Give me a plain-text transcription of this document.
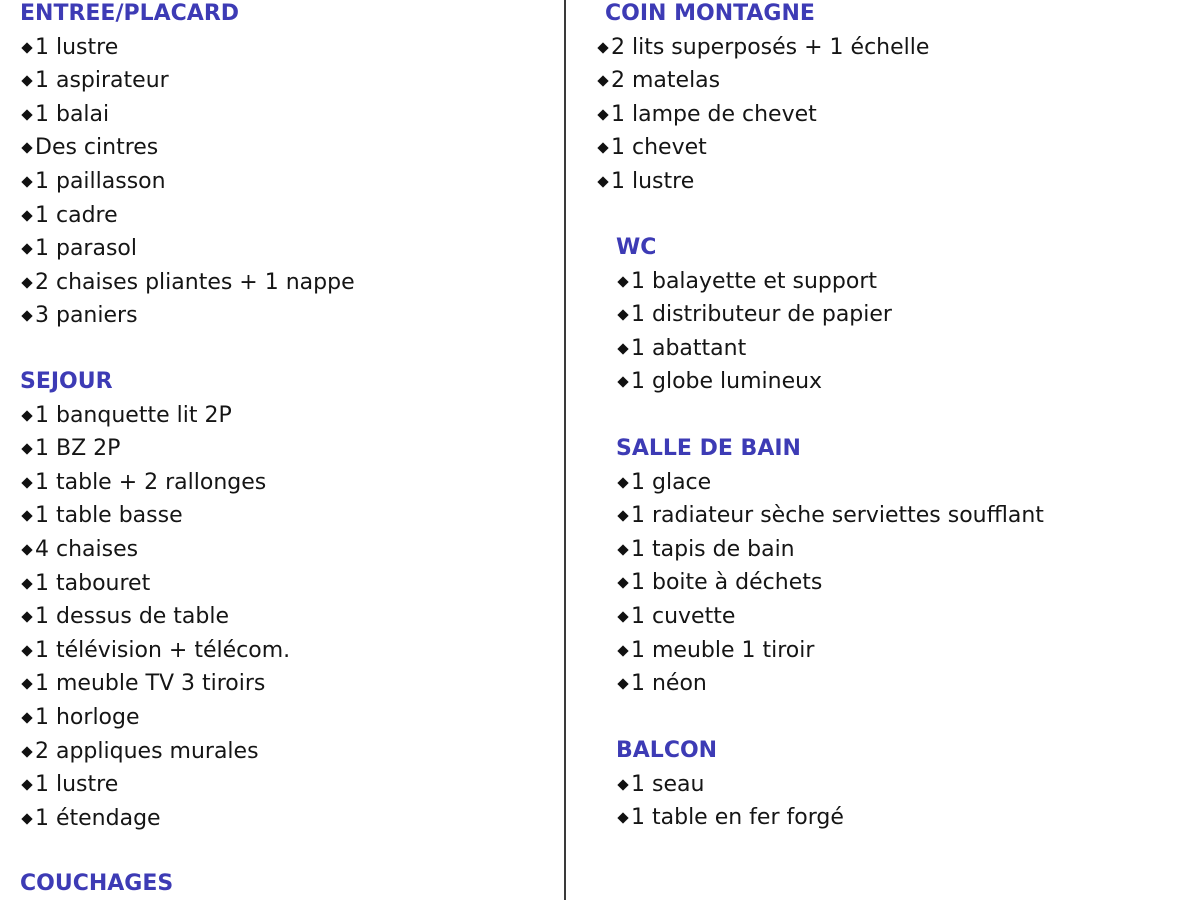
ENTREE/PLACARD
1 lustre
1 aspirateur
1 balai
Des cintres
1 paillasson
1 cadre
1 parasol
2 chaises pliantes + 1 nappe
3 paniers
SEJOUR
1 banquette lit 2P
1 BZ 2P
1 table + 2 rallonges
1 table basse
4 chaises
1 tabouret
1 dessus de table
1 télévision + télécom.
1 meuble TV 3 tiroirs
1 horloge
2 appliques murales
1 lustre
1 étendage
COUCHAGES
COIN MONTAGNE
2 lits superposés + 1 échelle
2 matelas
1 lampe de chevet
1 chevet
1 lustre
WC
1 balayette et support
1 distributeur de papier
1 abattant
1 globe lumineux
SALLE DE BAIN
1 glace
1 radiateur sèche serviettes soufflant
1 tapis de bain
1 boite à déchets
1 cuvette
1 meuble 1 tiroir
1 néon
BALCON
1 seau
1 table en fer forgé
